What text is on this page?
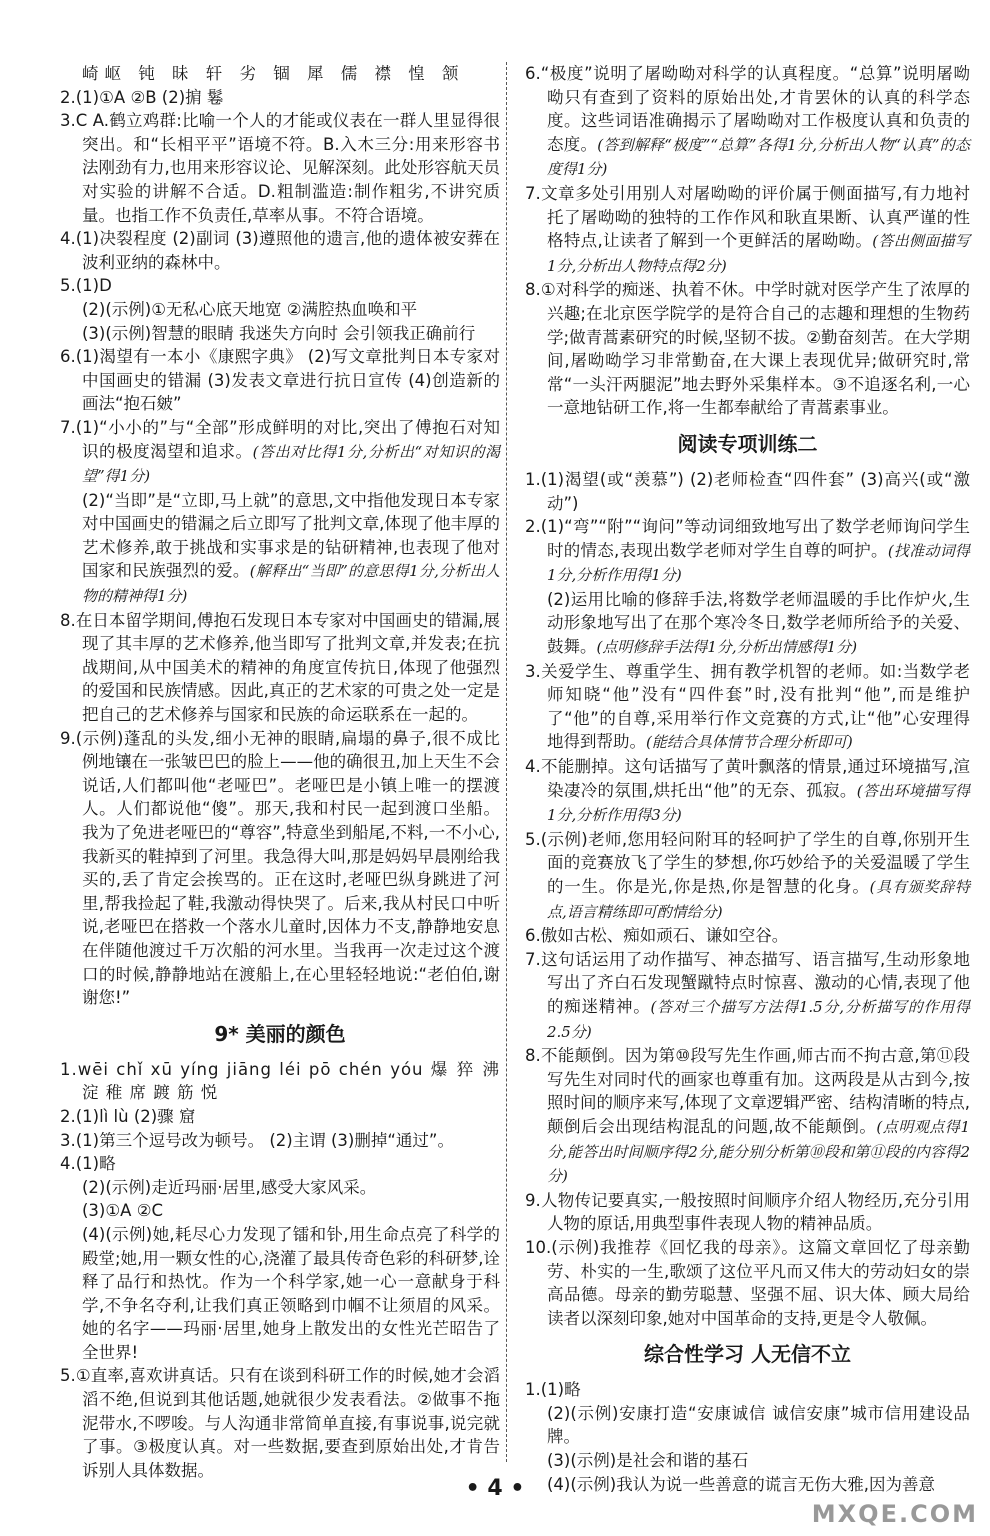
崎岖 钝 昧 轩 劣 锢 犀 儒 襟 惶 颔

2.(1)①A ②B (2)掮 鬈

3.C A.鹤立鸡群:比喻一个人的才能或仪表在一群人里显得很突出。和“长相平平”语境不符。B.入木三分:用来形容书法刚劲有力,也用来形容议论、见解深刻。此处形容航天员对实验的讲解不合适。D.粗制滥造:制作粗劣,不讲究质量。也指工作不负责任,草率从事。不符合语境。

4.(1)决裂程度 (2)副词 (3)遵照他的遗言,他的遗体被安葬在波利亚纳的森林中。

5.(1)D

(2)(示例)①无私心底天地宽 ②满腔热血唤和平

(3)(示例)智慧的眼睛 我迷失方向时 会引领我正确前行

6.(1)渴望有一本小《康熙字典》 (2)写文章批判日本专家对中国画史的错漏 (3)发表文章进行抗日宣传 (4)创造新的画法“抱石皴”

7.(1)“小小的”与“全部”形成鲜明的对比,突出了傅抱石对知识的极度渴望和追求。(答出对比得1分,分析出“对知识的渴望”得1分)

(2)“当即”是“立即,马上就”的意思,文中指他发现日本专家对中国画史的错漏之后立即写了批判文章,体现了他丰厚的艺术修养,敢于挑战和实事求是的钻研精神,也表现了他对国家和民族强烈的爱。(解释出“当即”的意思得1分,分析出人物的精神得1分)

8.在日本留学期间,傅抱石发现日本专家对中国画史的错漏,展现了其丰厚的艺术修养,他当即写了批判文章,并发表;在抗战期间,从中国美术的精神的角度宣传抗日,体现了他强烈的爱国和民族情感。因此,真正的艺术家的可贵之处一定是把自己的艺术修养与国家和民族的命运联系在一起的。

9.(示例)蓬乱的头发,细小无神的眼睛,扁塌的鼻子,很不成比例地镶在一张皱巴巴的脸上——他的确很丑,加上天生不会说话,人们都叫他“老哑巴”。老哑巴是小镇上唯一的摆渡人。人们都说他“傻”。那天,我和村民一起到渡口坐船。我为了免进老哑巴的“尊容”,特意坐到船尾,不料,一不小心,我新买的鞋掉到了河里。我急得大叫,那是妈妈早晨刚给我买的,丢了肯定会挨骂的。正在这时,老哑巴纵身跳进了河里,帮我捡起了鞋,我激动得快哭了。后来,我从村民口中听说,老哑巴在搭救一个落水儿童时,因体力不支,静静地安息在伴随他渡过千万次船的河水里。当我再一次走过这个渡口的时候,静静地站在渡船上,在心里轻轻地说:“老伯伯,谢谢您!”

9* 美丽的颜色

1.wēi chǐ xū yíng jiāng léi pō chén yóu 爆 猝 沸 淀 稚 席 踱 筋 悦

2.(1)lì lù (2)骤 窟

3.(1)第三个逗号改为顿号。 (2)主谓 (3)删掉“通过”。

4.(1)略

(2)(示例)走近玛丽·居里,感受大家风采。

(3)①A ②C

(4)(示例)她,耗尽心力发现了镭和钋,用生命点亮了科学的殿堂;她,用一颗女性的心,浇灌了最具传奇色彩的科研梦,诠释了品行和热忱。作为一个科学家,她一心一意献身于科学,不争名夺利,让我们真正领略到巾帼不让须眉的风采。她的名字——玛丽·居里,她身上散发出的女性光芒昭告了全世界!

5.①直率,喜欢讲真话。只有在谈到科研工作的时候,她才会滔滔不绝,但说到其他话题,她就很少发表看法。②做事不拖泥带水,不啰唆。与人沟通非常简单直接,有事说事,说完就了事。③极度认真。对一些数据,要查到原始出处,才肯告诉别人具体数据。

6.“极度”说明了屠呦呦对科学的认真程度。“总算”说明屠呦呦只有查到了资料的原始出处,才肯罢休的认真的科学态度。这些词语准确揭示了屠呦呦对工作极度认真和负责的态度。(答到解释“极度”“总算”各得1分,分析出人物“认真”的态度得1分)

7.文章多处引用别人对屠呦呦的评价属于侧面描写,有力地衬托了屠呦呦的独特的工作作风和耿直果断、认真严谨的性格特点,让读者了解到一个更鲜活的屠呦呦。(答出侧面描写1分,分析出人物特点得2分)

8.①对科学的痴迷、执着不休。中学时就对医学产生了浓厚的兴趣;在北京医学院学的是符合自己的志趣和理想的生物药学;做青蒿素研究的时候,坚韧不拔。②勤奋刻苦。在大学期间,屠呦呦学习非常勤奋,在大课上表现优异;做研究时,常常“一头汗两腿泥”地去野外采集样本。③不追逐名利,一心一意地钻研工作,将一生都奉献给了青蒿素事业。

阅读专项训练二

1.(1)渴望(或“羡慕”) (2)老师检查“四件套” (3)高兴(或“激动”)

2.(1)“弯”“附”“询问”等动词细致地写出了数学老师询问学生时的情态,表现出数学老师对学生自尊的呵护。(找准动词得1分,分析作用得1分)

(2)运用比喻的修辞手法,将数学老师温暖的手比作炉火,生动形象地写出了在那个寒冷冬日,数学老师所给予的关爱、鼓舞。(点明修辞手法得1分,分析出情感得1分)

3.关爱学生、尊重学生、拥有教学机智的老师。如:当数学老师知晓“他”没有“四件套”时,没有批判“他”,而是维护了“他”的自尊,采用举行作文竞赛的方式,让“他”心安理得地得到帮助。(能结合具体情节合理分析即可)

4.不能删掉。这句话描写了黄叶飘落的情景,通过环境描写,渲染凄冷的氛围,烘托出“他”的无奈、孤寂。(答出环境描写得1分,分析作用得3分)

5.(示例)老师,您用轻问附耳的轻呵护了学生的自尊,你别开生面的竞赛放飞了学生的梦想,你巧妙给予的关爱温暖了学生的一生。你是光,你是热,你是智慧的化身。(具有颁奖辞特点,语言精练即可酌情给分)

6.傲如古松、痴如顽石、谦如空谷。

7.这句话运用了动作描写、神态描写、语言描写,生动形象地写出了齐白石发现蟹蹴特点时惊喜、激动的心情,表现了他的痴迷精神。(答对三个描写方法得1.5分,分析描写的作用得2.5分)

8.不能颠倒。因为第⑩段写先生作画,师古而不拘古意,第⑪段写先生对同时代的画家也尊重有加。这两段是从古到今,按照时间的顺序来写,体现了文章逻辑严密、结构清晰的特点,颠倒后会出现结构混乱的问题,故不能颠倒。(点明观点得1分,能答出时间顺序得2分,能分别分析第⑩段和第⑪段的内容得2分)

9.人物传记要真实,一般按照时间顺序介绍人物经历,充分引用人物的原话,用典型事件表现人物的精神品质。

10.(示例)我推荐《回忆我的母亲》。这篇文章回忆了母亲勤劳、朴实的一生,歌颂了这位平凡而又伟大的劳动妇女的崇高品德。母亲的勤劳聪慧、坚强不屈、识大体、顾大局给读者以深刻印象,她对中国革命的支持,更是令人敬佩。

综合性学习 人无信不立

1.(1)略

(2)(示例)安康打造“安康诚信 诚信安康”城市信用建设品牌。

(3)(示例)是社会和谐的基石

(4)(示例)我认为说一些善意的谎言无伤大雅,因为善意

• 4 •
MXQE.COM
